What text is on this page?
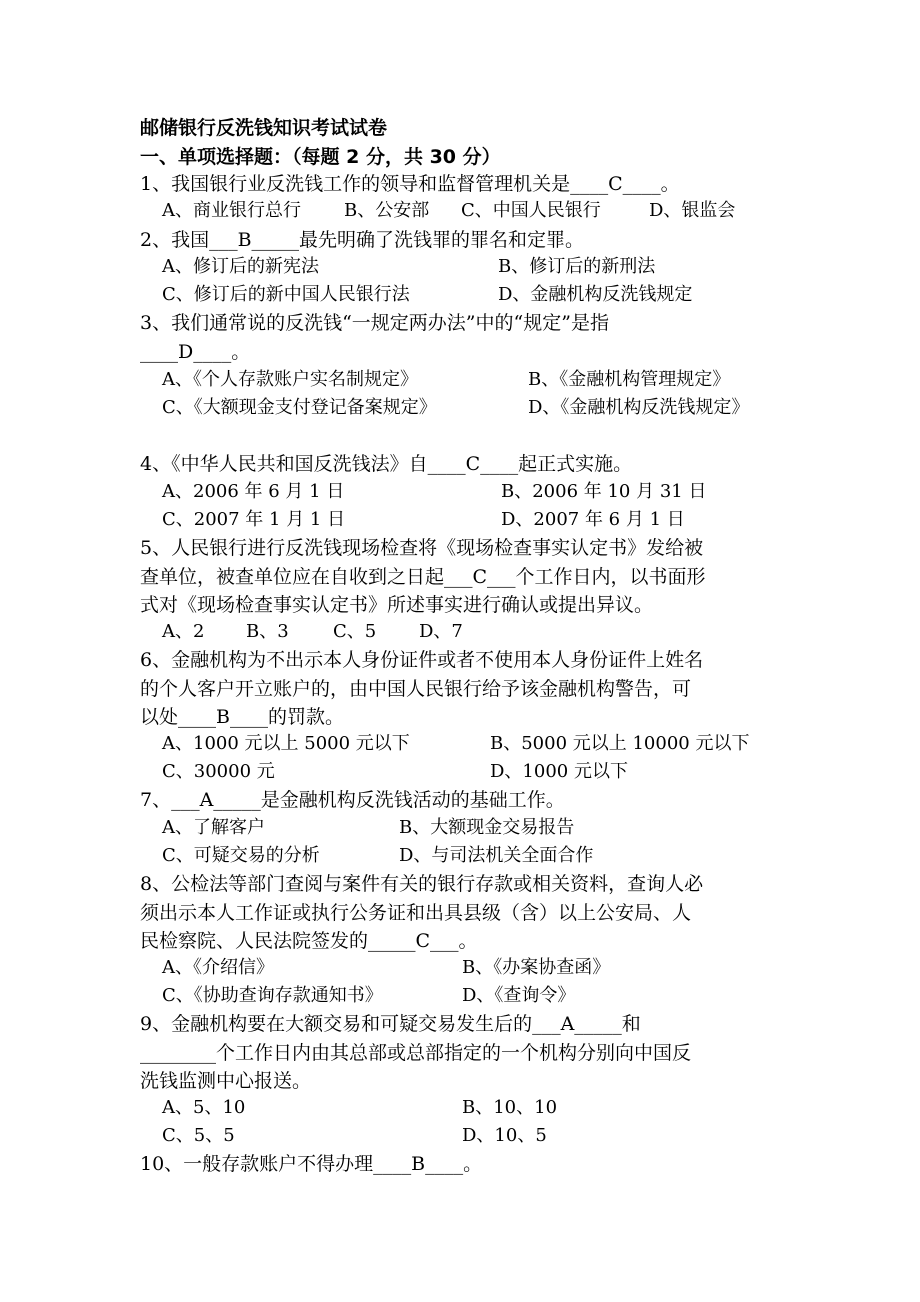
邮储银行反洗钱知识考试试卷
一、单项选择题：（每题 2 分，共 30 分）
1、我国银行业反洗钱工作的领导和监督管理机关是____C____。
A、商业银行总行 B、公安部 C、中国人民银行	D、银监会
2、我国___B_____最先明确了洗钱罪的罪名和定罪。
A、修订后的新宪法	B、修订后的新刑法
C、修订后的新中国人民银行法	D、金融机构反洗钱规定
3、我们通常说的反洗钱“一规定两办法”中的“规定”是指
____D____。
A、《个人存款账户实名制规定》	B、《金融机构管理规定》
C、《大额现金支付登记备案规定》	D、《金融机构反洗钱规定》
4、《中华人民共和国反洗钱法》自____C____起正式实施。
A、2006 年 6 月 1 日	B、2006 年 10 月 31 日
C、2007 年 1 月 1 日	D、2007 年 6 月 1 日
5、人民银行进行反洗钱现场检查将《现场检查事实认定书》发给被
查单位，被查单位应在自收到之日起___C___个工作日内，以书面形
式对《现场检查事实认定书》所述事实进行确认或提出异议。
A、2 B、3 C、5 D、7
6、金融机构为不出示本人身份证件或者不使用本人身份证件上姓名
的个人客户开立账户的，由中国人民银行给予该金融机构警告，可
以处____B____的罚款。
A、1000 元以上 5000 元以下	B、5000 元以上 10000 元以下
C、30000 元	D、1000 元以下
7、___A_____是金融机构反洗钱活动的基础工作。
A、了解客户	B、大额现金交易报告
C、可疑交易的分析	D、与司法机关全面合作
8、公检法等部门查阅与案件有关的银行存款或相关资料，查询人必
须出示本人工作证或执行公务证和出具县级（含）以上公安局、人
民检察院、人民法院签发的_____C___。
A、《介绍信》	B、《办案协查函》
C、《协助查询存款通知书》	D、《查询令》
9、金融机构要在大额交易和可疑交易发生后的___A_____和
________个工作日内由其总部或总部指定的一个机构分别向中国反
洗钱监测中心报送。
A、5、10	B、10、10
C、5、5	D、10、5
10、一般存款账户不得办理____B____。
